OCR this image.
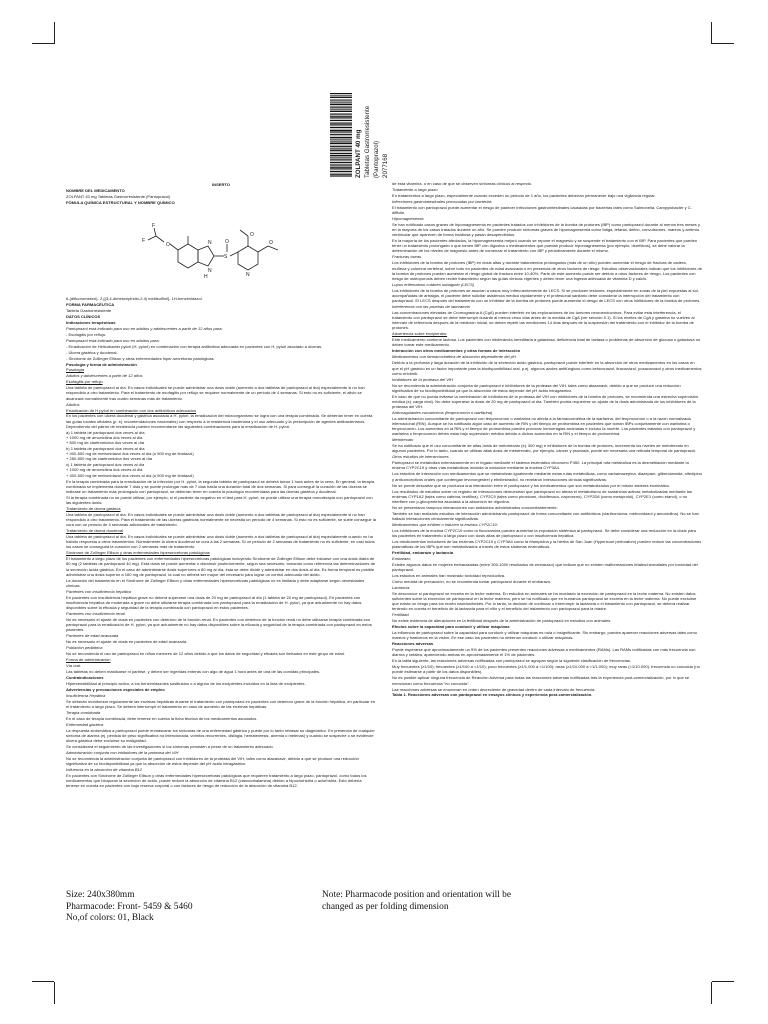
ZOLPANT 40 mg Tabletas Gastrorresistente (Pantoprazol) 2077168

INSERTO

NOMBRE DEL MEDICAMENTO

ZOLPANT 40 mg Tabletas Gastrorresistente (Pantoprazol)

FÓMULA QUÍMICA ESTRUCTURAL Y NOMBRE QUÍMICO

O
F
F
S
O
N
N
H	N
O
O

6-(difluorometoxi)- 2-[(3,4-dimetoxipiridin-2-il) metilsulfinil]- 1H-benzimidazol.

FORMA FARMACÉUTICA

Tableta Gastrorresistente

DATOS CLÍNICOS

Indicaciones terapéuticas

Pantoprazol está indicado para uso en adultos y adolescentes a partir de 12 años para:

- Esofagitis por reflujo.

Pantoprazol está indicado para uso en adultos para:

- Erradicación de Helicobacter pylori (H. pylori) en combinación con terapia antibiótica adecuada en pacientes con H. pylori asociado a úlceras.

- Úlcera gástrica y duodenal.

- Síndrome de Zollinger Ellison y otras enfermedades hiper-secretoras patológicas.

Posología y forma de administración

Posología

Adultos y adolescentes a partir de 12 años

Esofagitis por reflujo

Una tableta de pantoprazol al día. En casos individuales se puede administrar una dosis doble (aumento a dos tabletas de pantoprazol al día) especialmente si no han respondido a otro tratamiento. Para el tratamiento de esofagitis por reflujo se requiere normalmente de un periodo de 4 semanas. Si esto no es suficiente, el alivio se alcanzará normalmente tras cuatro semanas más de tratamiento.

Adultos

Erradicación de H.pylori en combinación con dos antibióticos adecuados

En los pacientes con úlcera duodenal y gástrica asociada a H. pylori, la erradicación del microorganismo se logra con una terapia combinada. Se deberían tener en cuenta las guías locales oficiales (p. ej. recomendaciones nacionales) con respecto a la resistencia bacteriana y el uso adecuado y la prescripción de agentes antibacterianos. Dependiendo del patrón de resistencia pueden recomendarse las siguientes combinaciones para la erradicación de H. pylori.

a) 1 tableta de pantoprazol dos veces al día

+ 1000 mg de amoxicilina dos veces al día

+ 500 mg de claritromicina dos veces al día

b) 1 tableta de pantoprazol dos veces al día

+ 400-500 mg de metronidazol dos veces al día (o 500 mg de tinidazol)

+ 250-500 mg de claritromicina dos veces al día

c) 1 tableta de pantoprazol dos veces al día

+ 1000 mg de amoxicilina dos veces al día

+ 400-500 mg de metronidazol dos veces al día (o 500 mg de tinidazol)

En la terapia combinada para la erradicación de la infección por H. pylori, la segunda tableta de pantoprazol se deberá tomar 1 hora antes de la cena. En general, la terapia combinada se implementa durante 7 días y se puede prolongar más de 7 días hasta una duración total de dos semanas. Si para conseguir la curación de las úlceras se indicase un tratamiento más prolongado con pantoprazol, se deberían tener en cuenta la posología recomendada para las úlceras gástrica y duodenal.

Si la terapia combinada no se puede utilizar, por ejemplo, si el paciente da negativo en el test para H. pylori, se puede utilizar una terapia monoterapia con pantoprazol con las siguientes dosis:

Tratamiento de úlcera gástrica

Una tableta de pantoprazol al día. En casos individuales se puede administrar una dosis doble (aumento a dos tabletas de pantoprazol al día) especialmente si no han respondido a otro tratamiento. Para el tratamiento de las úlceras gástricas normalmente se necesita un periodo de 4 semanas. Si esto no es suficiente, se suele conseguir la cura con un periodo de 4 semanas adicionales de tratamiento.

Tratamiento de úlcera duodenal

Una tableta de pantoprazol al día. En casos individuales se puede administrar una dosis doble (aumento a dos tabletas de pantoprazol al día) especialmente cuando no ha habido respuesta a otros tratamientos. Normalmente la úlcera duodenal se cura a las 2 semanas. Si un periodo de 2 semanas de tratamiento no es suficiente, en casi todos los casos se conseguirá la curación con 2 semanas más de tratamiento.

Síndrome de Zollinger Ellison y otras enfermedades hipersecretoras patológicas

El tratamiento a largo plazo de los pacientes con enfermedades hipersecretoras patológicas incluyendo Síndrome de Zollinger Ellison debe iniciarse con una dosis diaria de 80 mg (2 tabletas de pantoprazol 40 mg). Esta dosis se puede aumentar o disminuir posteriormente, según sea necesario, tomando como referencia las determinaciones de la secreción ácida gástrica. En el caso de administrarse dosis superiores a 80 mg al día, ésta se debe dividir y administrar en dos dosis al día. Es forma temporal es posible administrar una dosis superior a 160 mg de pantoprazol, la cual no deberá ser mayor del necesario para lograr un control adecuado del ácido.

La duración del tratamiento en el Síndrome de Zollinger Ellison y otras enfermedades hipersecretoras patológicas no es limitada y debe adaptarse según necesidades clínicas.

Pacientes con insuficiencia hepática

En pacientes con insuficiencia hepática grave no deberá superarse una dosis de 20 mg de pantoprazol al día (1 tableta de 20 mg de pantoprazol). En pacientes con insuficiencia hepática de moderada a grave no debe utilizarse terapia combinada con pantoprazol para la erradicación de H. pylori, ya que actualmente no hay datos disponibles sobre la eficacia y seguridad de la terapia combinada con pantoprazol en estos pacientes.

Pacientes con insuficiencia renal

No es necesario el ajuste de dosis en pacientes con deterioro de la función renal. En pacientes con deterioro de la función renal no debe utilizarse terapia combinada con pantoprazol para la erradicación de H. pylori, ya que actualmente no hay datos disponibles sobre la eficacia y seguridad de la terapia combinada con pantoprazol en estos pacientes.

Pacientes de edad avanzada

No es necesario el ajuste de dosis en pacientes de edad avanzada.

Población pediátrica

No se recomienda el uso de pantoprazol en niños menores de 12 años debido a que los datos de seguridad y eficacia son limitados en este grupo de edad.

Forma de administración

Vía oral.

Las tabletas no deben masticarse ni partirse, y deben ser ingeridas enteras con algo de agua 1 hora antes de una de las comidas principales.

Contraindicaciones

Hipersensibilidad al principio activo, a los benzimidazoles sustituidos o a alguno de los excipientes incluidos en la lista de excipientes.

Advertencias y precauciones especiales de empleo

Insuficiencia Hepática

Se deberán monitorizar regularmente las enzimas hepáticas durante el tratamiento con pantoprazol en pacientes con deterioro grave de la función hepática, en particular en el tratamiento a largo plazo. Se deberá interrumpir el tratamiento en caso de aumento de las enzimas hepáticas.

Terapia combinada

En el caso de terapia combinada, debe tenerse en cuenta la ficha técnica de los medicamentos asociados.

Enfermedad gástrica

La respuesta sintomática a pantoprazol puede enmascarar los síntomas de una enfermedad gástrica y puede por lo tanto retrasar su diagnóstico. En presencia de cualquier síntoma de alarma (ej. pérdida de peso significativa no intencionada, vómitos recurrentes, disfagia, hematemesis, anemia o melenas) y cuando se sospeche o se evidencie úlcera gástrica debe excluirse su malignidad.

Se considerará el seguimiento de las investigaciones si los síntomas persisten a pesar de un tratamiento adecuado.

Administración conjunta con inhibidores de la proteasa del VIH

No se recomienda la administración conjunta de pantoprazol con inhibidores de la proteasa del VIH, tales como atazanavir, debido a que se produce una reducción significativa de su biodisponibilidad ya que la absorción de éstos depende del pH ácido intragástrico.

Influencia en la absorción de vitamina B12

En pacientes con Síndrome de Zollinger Ellison y otras enfermedades hipersecretoras patológicas que requieren tratamiento a largo plazo, pantoprazol, como todos los medicamentos que bloquean la secreción de ácido, puede reducir la absorción de vitamina B12 (cianocobalamina) debido a hipoclorhidria o aclorhidria. Esto debería tenerse en cuenta en pacientes con baja reserva corporal o con factores de riesgo de reducción de la absorción de vitamina B12.

de esta vitamina, o en caso de que se observen síntomas clínicos al respecto.

Tratamiento a largo plazo

En tratamientos a largo plazo, especialmente cuando exceden un periodo de 1 año, los pacientes deberían permanecer bajo una vigilancia regular.

Infecciones gastrointestinales provocadas por bacterias

El tratamiento con pantoprazol puede aumentar el riesgo de padecer infecciones gastrointestinales causadas por bacterias tales como Salmonella, Campylobacter y C. difficile.

Hipomagnesemia

Se han notificado casos graves de hipomagnesemia en pacientes tratados con inhibidores de la bomba de protones (IBP) como pantoprazol durante al menos tres meses y en la mayoría de los casos tratados durante un año. Se pueden producir síntomas graves de hipomagnesemia como fatiga, tetania, delirio, convulsiones, mareos y arritmia ventricular que aparecen de forma insidiosa y pasan desapercibidos.

En la mayoría de los pacientes afectados, la hipomagnesemia mejoró cuando se repone el magnesio y se suspende el tratamiento con el IBP. Para pacientes que pueden tener un tratamiento prolongado o que tomen IBP con digoxina o medicamentos que puedan producir hipomagnesemia (por ejemplo, diuréticos), se debe valorar la determinación de los niveles de magnesio antes de comenzar el tratamiento con IBP y periódicamente durante el mismo.

Fracturas óseas

Los inhibidores de la bomba de protones (IBP) en dosis altas y durante tratamientos prolongados (más de un año) pueden aumentar el riesgo de fractura de cadera, muñeca y columna vertebral, sobre todo en pacientes de edad avanzada o en presencia de otros factores de riesgo. Estudios observacionales indican que los inhibidores de la bomba de protones pueden aumentar el riesgo global de fractura entre 10-40%. Parte de este aumento puede ser debido a otros factores de riesgo. Los pacientes con riesgo de osteoporosis deben recibir tratamiento según las guías clínicas vigentes y deben tener una ingesta adecuada de vitamina D y calcio.

Lupus eritematoso cutáneo subagudo (LECS)

Los inhibidores de la bomba de protones se asocian a casos muy infrecuentemente de LECS. Si se producen lesiones, especialmente en zonas de la piel expuestas al sol, acompañadas de artralgia, el paciente debe solicitar asistencia médica rápidamente y el profesional sanitario debe considerar la interrupción del tratamiento con pantoprazol. El LECS después del tratamiento con un inhibidor de la bomba de protones puede aumentar el riesgo de LECS con otros inhibidores de la bomba de protones.

Interferencia con las pruebas de laboratorio

Las concentraciones elevadas de Cromogranina A (CgA) pueden interferir en las exploraciones de los tumores neuroendocrinos. Para evitar esta interferencia, el tratamiento con pantoprazol se debe interrumpir durante al menos cinco días antes de la medida de CgA (ver sección 5.1). Si los niveles de CgA y gastrina no vuelven al intervalo de referencia después de la medición inicial, se deben repetir las mediciones 14 días después de la suspensión del tratamiento con el inhibidor de la bomba de protones.

Advertencia sobre excipientes:

Este medicamento contiene lactosa. Los pacientes con intolerancia hereditaria a galactosa, deficiencia total de lactasa o problemas de absorción de glucosa o galactosa no deben tomar este medicamento.

Interacción con otros medicamentos y otras formas de interacción

Medicamentos con farmacocinética de absorción dependiente del pH

Debido a la profunda y larga duración de la inhibición de la secreción ácido gástrica, pantoprazol puede interferir en la absorción de otros medicamentos en los casos en que el pH gástrico es un factor importante para la biodisponibilidad oral, p.ej. algunos azoles antifúngicos como ketoconazol, itraconazol, posaconazol y otros medicamentos como erlotinib.

Inhibidores de la proteasa del VIH

No se recomienda la administración conjunta de pantoprazol e inhibidores de la proteasa del VIH, tales como atazanavir, debido a que se produce una reducción significativa de su biodisponibilidad ya que la absorción de éstos depende del pH ácido intragástrico.

En caso de que no pueda evitarse la combinación de inhibidores de la proteasa del VIH con inhibidores de la bomba de protones, se recomienda una estrecha supervisión médica (ej. carga viral). No debe superarse la dosis de 20 mg de pantoprazol al día. También podría requerirse un ajuste de la dosis administrada de los inhibidores de la proteasa del VIH.

Anticoagulantes cumarínicos (fenprocumón o warfarina)

La administración concomitante de pantoprazol con fenprocumón o warfarina no afecta a la farmacocinética de la warfarina, del fenprocumón o a la razón normalizada internacional (RIN). Aunque se ha notificado algún caso de aumento de RIN y del tiempo de protrombina en pacientes que toman IBPs conjuntamente con warfarina o fenprocumón. Los aumentos en la RIN y el tiempo de protrombina pueden provocar hemorragias anómalas e incluso la muerte. Los pacientes tratados con pantoprazol y warfarina o fenprocumón deben estar bajo supervisión médica debido a dichos aumentos en la RIN y el tiempo de protrombina.

Metotrexato

Se ha notificado que el uso concomitante de altas dosis de metotrexato (ej. 300 mg) e inhibidores de la bomba de protones, incrementa los niveles de metotrexato en algunos pacientes. Por lo tanto, cuando se utilizan altas dosis de metotrexato, por ejemplo, cáncer y psoriasis, puede ser necesaria una retirada temporal de pantoprazol.

Otros estudios de interacciones

Pantoprazol se metaboliza extensivamente en el hígado mediante el sistema enzimático citocromo P450. La principal ruta metabólica es la desmetilación mediante la enzima CYP2C19 y otras vías metabólicas incluida la oxidación mediante la enzima CYP3A4.

Los estudios de interacción con medicamentos que se metabolizan igualmente mediante estas rutas metabólicas, como carbamazepina, diazepam, glibenclamida, nifedipino y anticonceptivos orales que contengan levonorgestrel y etinilestradiol, no revelaron interacciones clínicas significativas.

No se puede descartar que se produzca una interacción entre el pantoprazol y los medicamentos que son metabolizados por el mismo sistema enzimático.

Los resultados de estudios sobre un registro de interacciones demuestran que pantoprazol no afecta el metabolismo de sustancias activas metabolizadas mediante las enzimas CYP1A2 (tales como cafeína, teofilina), CYP2C9 (tales como piroxicam, diclofenaco, naproxeno), CYP2D6 (como metoprolol), CYP2E1 (como etanol), o no interfiere con p-glicoproteína asociada a la absorción de digoxina.

No se presentaron tampoco interacciones con antiácidos administrados concomitantemente.

También se han realizado estudios de interacción administrando pantoprazol de forma concomitante con antibióticos (claritromicina, metronidazol y amoxicilina). No se han hallado interacciones clínicamente significativas.

Medicamentos que inhiben o inducen la enzima CYP2C19:

Los inhibidores de la enzima CYP2C19 como la fluvoxamina pueden aumentar la exposición sistémica al pantoprazol. Se debe considerar una reducción en la dosis para los pacientes en tratamiento a largo plazo con dosis altas de pantoprazol o con insuficiencia hepática.

Los medicamentos inductores de las enzimas CYP2C19 y CYP3A4 como la rifampicina y la hierba de San Juan (Hypericum perforatum) pueden reducir las concentraciones plasmáticas de los IBPs que son metabolizados a través de estos sistemas enzimáticos.

Fertilidad, embarazo y lactancia

Embarazo

Existen algunos datos en mujeres embarazadas (entre 300-1000 resultados de embarazo) que indican que no existen malformaciones fetales/neonatales por toxicidad del pantoprazol.

Los estudios en animales han mostrado toxicidad reproductiva.

Como medida de precaución, no se recomienda tomar pantoprazol durante el embarazo.

Lactancia

Se desconoce si pantoprazol se excreta en la leche materna. En estudios en animales se ha mostrado la excreción de pantoprazol en la leche materna. No existen datos suficientes sobre la excreción de pantoprazol en la leche materna, pero se ha notificado que en humanos pantoprazol se excreta en la leche materna. No puede excluirse que exista un riesgo para los recién nacidos/bebés. Por lo tanto, la decisión de continuar o interrumpir la lactancia o el tratamiento con pantoprazol, se deberá realizar teniendo en cuenta el beneficio de la lactancia para el niño y el beneficio del tratamiento con pantoprazol para la madre.

Fertilidad

No existe evidencia de alteraciones en la fertilidad después de la administración de pantoprazol en estudios con animales.

Efectos sobre la capacidad para conducir y utilizar máquinas

La influencia de pantoprazol sobre la capacidad para conducir y utilizar máquinas es nula o insignificante. Sin embargo, pueden aparecer reacciones adversas tales como mareos y trastornos en la visión. En ese caso los pacientes no deberían conducir o utilizar máquinas.

Reacciones adversas

Puede esperarse que aproximadamente un 5% de los pacientes presenten reacciones adversas a medicamentos (RAMs). Las RAMs notificadas con más frecuencia son diarrea y cefalea, apareciendo ambas en aproximadamente el 1% de pacientes.

En la tabla siguiente, las reacciones adversas notificadas con pantoprazol se agrupan según la siguiente clasificación de frecuencias.

Muy frecuentes (≥1/10); frecuentes (≥1/100 a <1/10); poco frecuentes (≥1/1.000 a <1/100); raras (≥1/10.000 a <1/1.000); muy raras (<1/10.000), frecuencia no conocida (no puede estimarse a partir de los datos disponibles).

No es posible aplicar ninguna frecuencia de Reacción Adversa para todas las reacciones adversas notificadas tras la experiencia post-comercialización, por lo que se mencionan como frecuencia "no conocida".

Las reacciones adversas se enumeran en orden decreciente de gravedad dentro de cada intervalo de frecuencia.

Tabla 1. Reacciones adversas con pantoprazol en ensayos clínicos y experiencia post-comercialización.

Size: 240x380mm
Pharmacode: Front- 5459 & 5460
No,of colors: 01, Black
Note: Pharmacode position and orientation will be changed as per folding dimension
